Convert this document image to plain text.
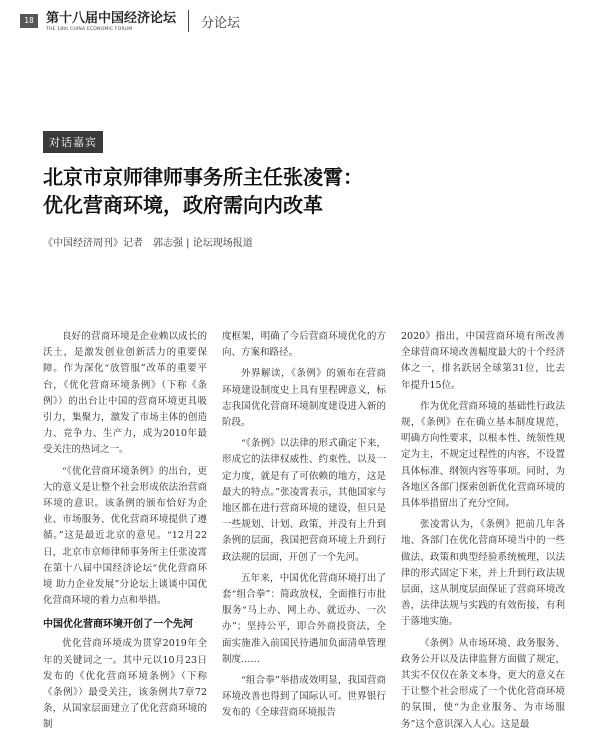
18 第十八届中国经济论坛
THE 18th CHINA ECONOMIC FORUM	分论坛
对话嘉宾
北京市京师律师事务所主任张凌霄：
优化营商环境，政府需向内改革
《中国经济周刊》记者　郭志强 | 论坛现场报道

良好的营商环境是企业赖以成长的沃土，是激发创业创新活力的重要保障。作为深化“放管服”改革的重要平台，《优化营商环境条例》（下称《条例》）的出台让中国的营商环境更具吸引力，集聚力，激发了市场主体的创造力、竞争力、生产力，成为2010年最受关注的热词之一。

“《优化营商环境条例》的出台，更大的意义是让整个社会形成依法治营商环境的意识。该条例的颁布恰好为企业、市场服务、优化营商环境提供了遵循。”这是最近北京的意见。“12月22日，北京市京师律师事务所主任张凌霄在第十八届中国经济论坛“优化营商环境 助力企业发展”分论坛上谈谈中国优化营商环境的着力点和举措。

中国优化营商环境开创了一个先河

优化营商环境成为贯穿2019年全年的关键词之一。其中元以10月23日发布的《优化营商环境条例》（下称《条例》）最受关注，该条例共7章72条，从国家层面建立了优化营商环境的制

度框架，明确了今后营商环境优化的方向、方案和路径。

外界解读，《条例》的颁布在营商环境建设制度史上具有里程碑意义，标志我国优化营商环境制度建设进入新的阶段。

“《条例》以法律的形式确定下来，形成它的法律权威性、约束性，以及一定力度，就是有了可依赖的地方，这是最大的特点。”张凌霄表示，其他国家与地区都在进行营商环境的建设，但只是一些规划、计划、政策，并没有上升到条例的层面，我国把营商环境上升到行政法规的层面，开创了一个先河。

五年来，中国优化营商环境打出了套“组合拳”：简政放权，全面推行市批服务“马上办、网上办、就近办、一次办”；坚持公平，即合外商投资法，全面实施准入前国民待遇加负面清单管理制度……

“组合拳”举措成效明显，我国营商环境改善也得到了国际认可。世界银行发布的《全球营商环境报告

2020》指出，中国营商环境有所改善全球营商环境改善幅度最大的十个经济体之一，排名跃居全球第31位，比去年提升15位。

作为优化营商环境的基础性行政法规，《条例》在在确立基本制度规范，明确方向性要求，以根本性、统领性规定为主，不规定过程性的内容，不设置具体标准、纲领内容等事项。同时，为各地区各部门探索创新优化营商环境的具体举措留出了充分空间。

张凌霄认为，《条例》把前几年各地、各部门在优化营商环境当中的一些做法、政策和典型经验系统梳理，以法律的形式固定下来，并上升到行政法规层面，这从制度层面保证了营商环境改善，法律法规与实践的有效衔接，有利于落地实施。

《条例》从市场环境、政务服务、政务公开以及法律监督方面做了规定，其实不仅仅在条文本身，更大的意义在于让整个社会形成了一个优化营商环境的氛围，使“为企业服务、为市场服务”这个意识深入人心。这是最
